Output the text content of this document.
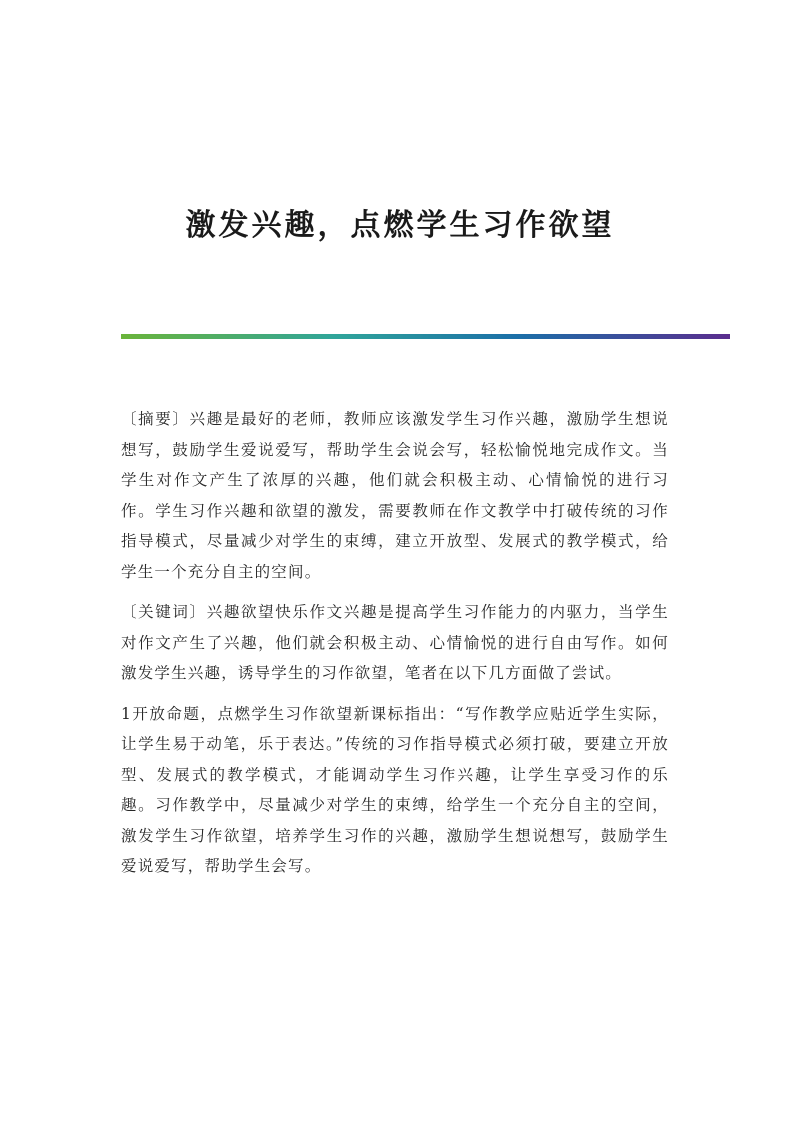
激发兴趣，点燃学生习作欲望

〔摘要〕兴趣是最好的老师，教师应该激发学生习作兴趣，激励学生想说想写，鼓励学生爱说爱写，帮助学生会说会写，轻松愉悦地完成作文。当学生对作文产生了浓厚的兴趣，他们就会积极主动、心情愉悦的进行习作。学生习作兴趣和欲望的激发，需要教师在作文教学中打破传统的习作指导模式，尽量减少对学生的束缚，建立开放型、发展式的教学模式，给学生一个充分自主的空间。

〔关键词〕兴趣欲望快乐作文兴趣是提高学生习作能力的内驱力，当学生对作文产生了兴趣，他们就会积极主动、心情愉悦的进行自由写作。如何激发学生兴趣，诱导学生的习作欲望，笔者在以下几方面做了尝试。

1开放命题，点燃学生习作欲望新课标指出：“写作教学应贴近学生实际，让学生易于动笔，乐于表达。”传统的习作指导模式必须打破，要建立开放型、发展式的教学模式，才能调动学生习作兴趣，让学生享受习作的乐趣。习作教学中，尽量减少对学生的束缚，给学生一个充分自主的空间，激发学生习作欲望，培养学生习作的兴趣，激励学生想说想写，鼓励学生爱说爱写，帮助学生会写。
